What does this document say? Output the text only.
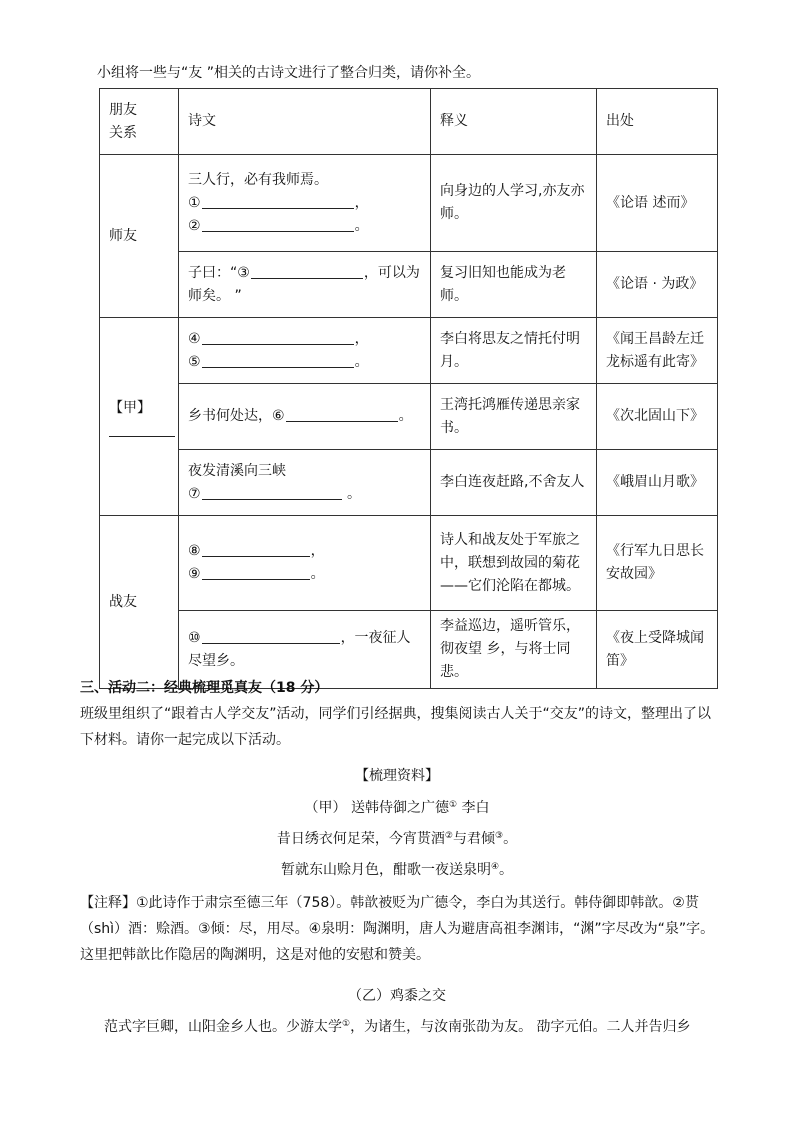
小组将一些与“友 ”相关的古诗文进行了整合归类，请你补全。
朋友
关系	诗文	释义	出处
师友	三人行，必有我师焉。
① ，
② 。	向身边的人学习,亦友亦师。	《论语 述而》
	子曰：“③ ，可以为师矣。 ”	复习旧知也能成为老师。	《论语 · 为政》

【甲】	④ ，
⑤ 。	李白将思友之情托付明月。	《闻王昌龄左迁龙标遥有此寄》
	乡书何处达，⑥ 。	王湾托鸿雁传递思亲家书。	《次北固山下》

	夜发清溪向三峡
⑦ 。	李白连夜赶路,不舍友人	《峨眉山月歌》
战友	⑧ ，
⑨ 。	诗人和战友处于军旅之中，联想到故园的菊花——它们沦陷在都城。	《行军九日思长安故园》
	⑩ ，一夜征人尽望乡。	李益巡边，遥听管乐，彻夜望 乡，与将士同悲。	《夜上受降城闻笛》
三、活动二：经典梳理觅真友（18 分）
班级里组织了“跟着古人学交友”活动，同学们引经据典，搜集阅读古人关于“交友”的诗文，整理出了以下材料。请你一起完成以下活动。
【梳理资料】
（甲） 送韩侍御之广德① 李白
昔日绣衣何足荣，今宵贳酒②与君倾③。
暂就东山赊月色，酣歌一夜送泉明④。
【注释】①此诗作于肃宗至德三年（758）。韩歆被贬为广德令，李白为其送行。韩侍御即韩歆。②贳（shì）酒：赊酒。③倾：尽，用尽。④泉明：陶渊明，唐人为避唐高祖李渊讳，“渊”字尽改为“泉”字。这里把韩歆比作隐居的陶渊明，这是对他的安慰和赞美。
（乙）鸡黍之交
范式字巨卿，山阳金乡人也。少游太学①，为诸生，与汝南张劭为友。 劭字元伯。二人并告归乡
